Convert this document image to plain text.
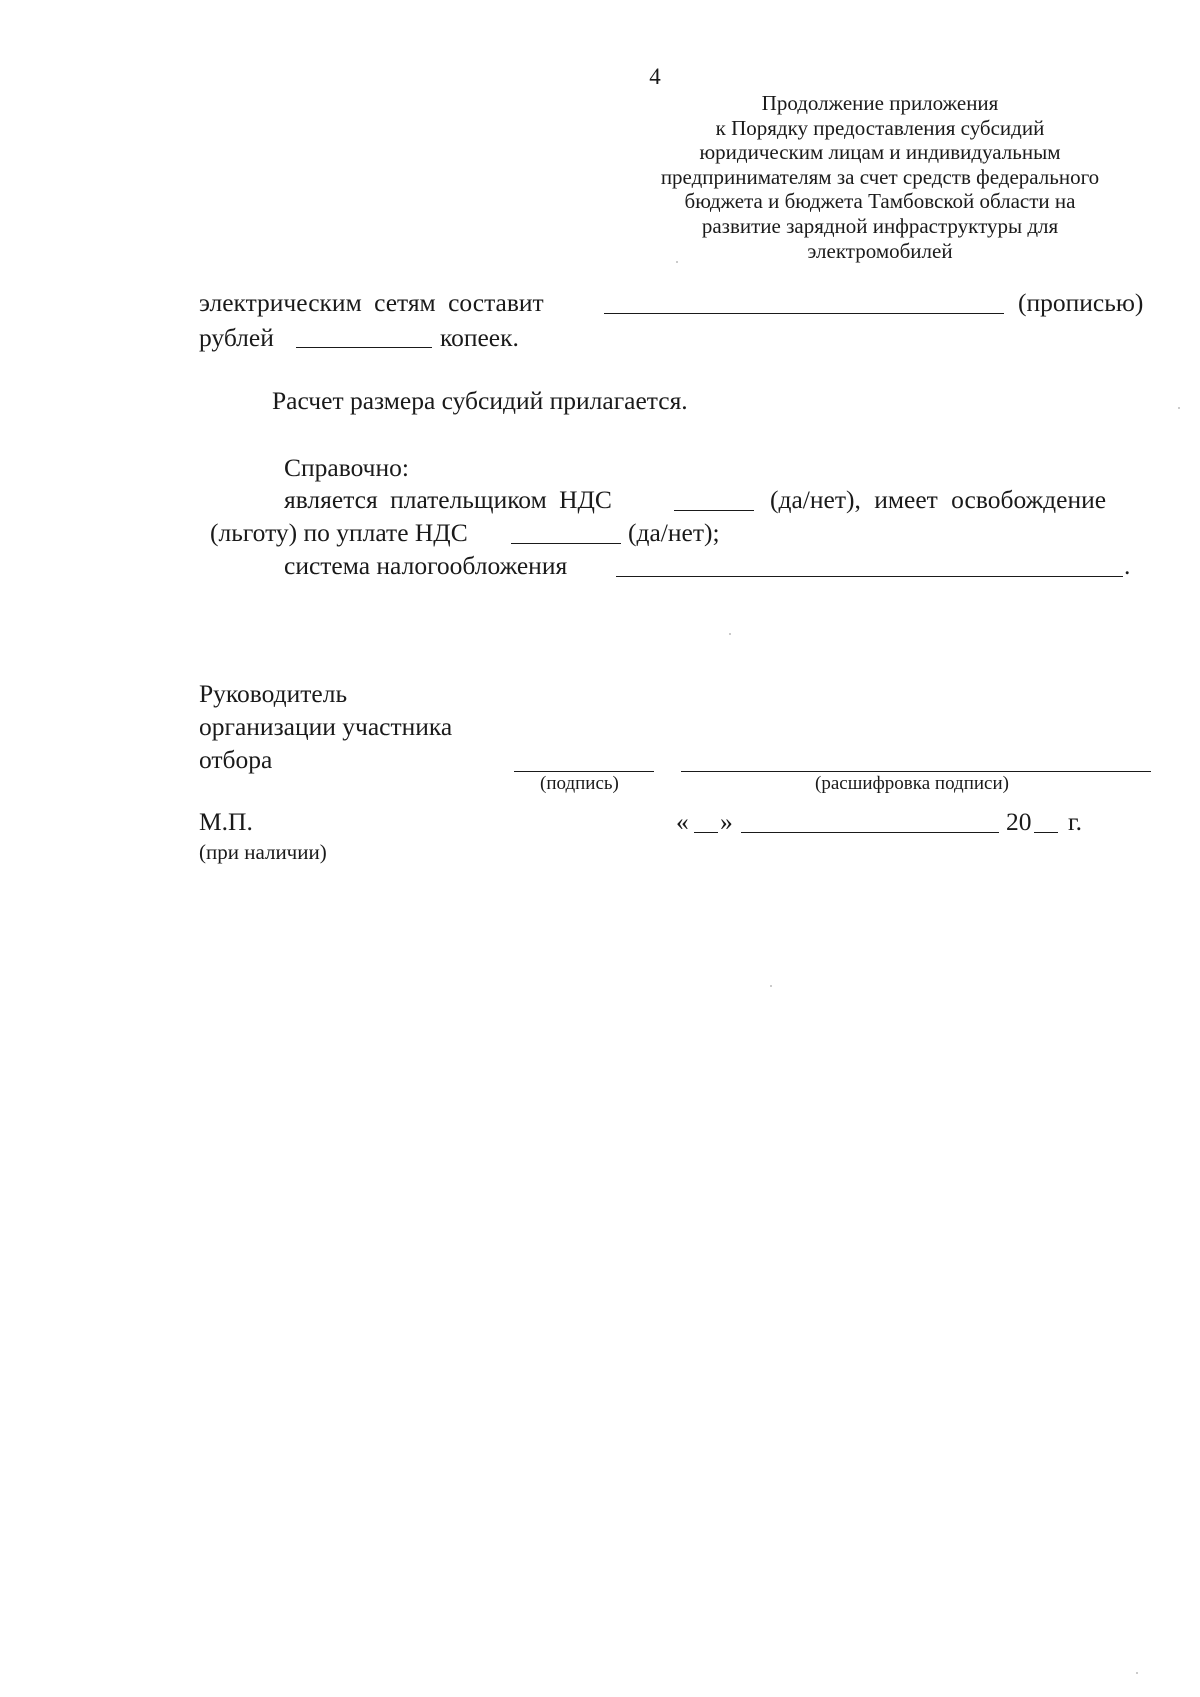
4
Продолжение приложения
к Порядку предоставления субсидий
юридическим лицам и индивидуальным
предпринимателям за счет средств федерального
бюджета и бюджета Тамбовской области на
развитие зарядной инфраструктуры для
электромобилей
электрическим сетям составит	(прописью)
рублей	копеек.
Расчет размера субсидий прилагается.
Справочно:
является плательщиком НДС	(да/нет), имеет освобождение
(льготу) по уплате НДС	(да/нет);
система налогообложения	.
Руководитель
организации участника
отбора
(подпись)	(расшифровка подписи)
М.П.
(при наличии)
« »	20 г.
